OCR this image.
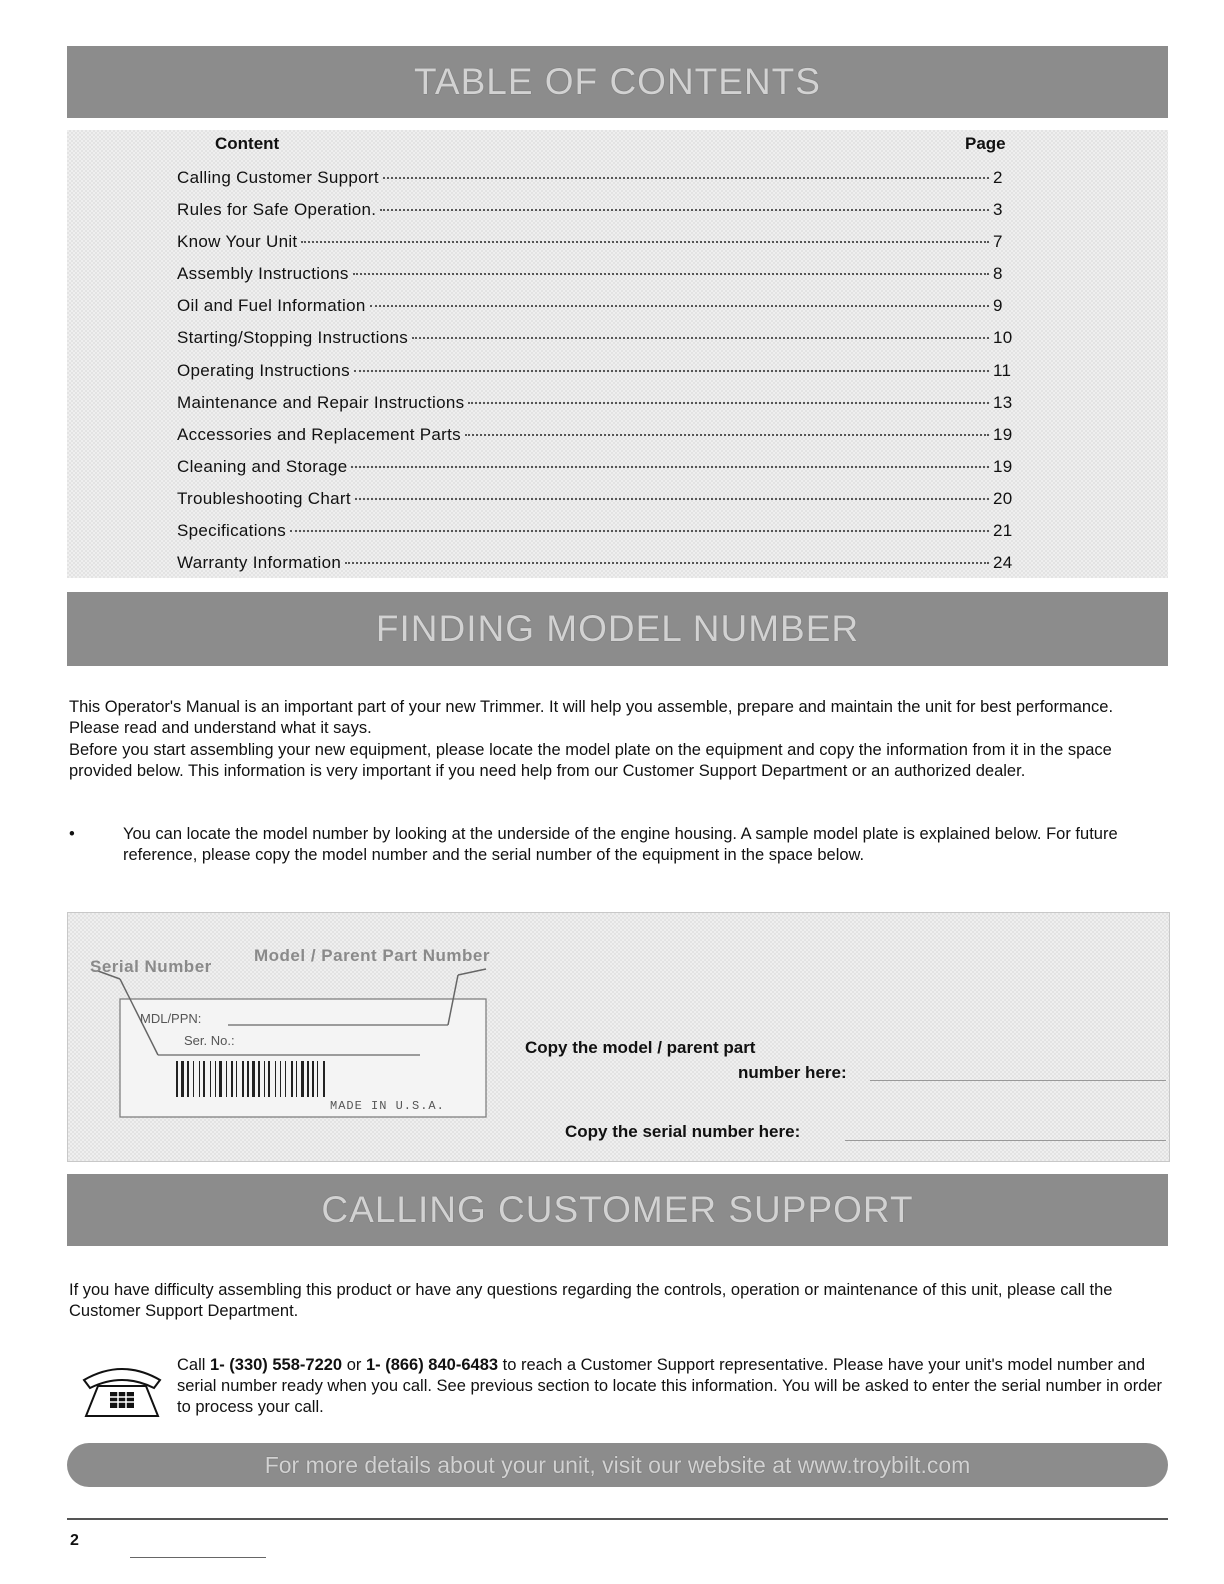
TABLE OF CONTENTS
Content	Page
Calling Customer Support	2
Rules for Safe Operation.	3
Know Your Unit	7
Assembly Instructions	8
Oil and Fuel Information	9
Starting/Stopping Instructions	10
Operating Instructions	11
Maintenance and Repair Instructions	13
Accessories and Replacement Parts	19
Cleaning and Storage	19
Troubleshooting Chart	20
Specifications	21
Warranty Information	24
FINDING MODEL NUMBER

This Operator's Manual is an important part of your new Trimmer. It will help you assemble, prepare and maintain the unit for best performance. Please read and understand what it says.

Before you start assembling your new equipment, please locate the model plate on the equipment and copy the information from it in the space provided below. This information is very important if you need help from our Customer Support Department or an authorized dealer.

•	You can locate the model number by looking at the underside of the engine housing. A sample model plate is explained below. For future reference, please copy the model number and the serial number of the equipment in the space below.

MDL/PPN:
Ser. No.:
MADE IN U.S.A.
Serial Number
Model / Parent Part Number
Copy the model / parent part
number here:
Copy the serial number here:
CALLING CUSTOMER SUPPORT

If you have difficulty assembling this product or have any questions regarding the controls, operation or maintenance of this unit, please call the Customer Support Department.

Call 1- (330) 558-7220 or 1- (866) 840-6483 to reach a Customer Support representative. Please have your unit's model number and serial number ready when you call. See previous section to locate this information. You will be asked to enter the serial number in order to process your call.

For more details about your unit, visit our website at www.troybilt.com
2
